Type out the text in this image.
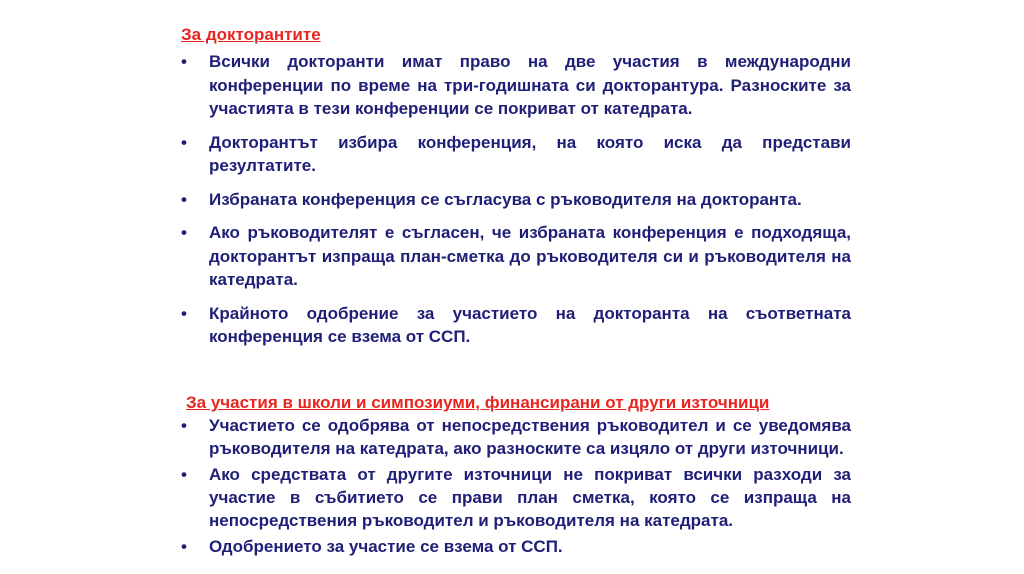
За докторантите
•	Всички докторанти имат право на две участия в международни конференции по време на три-годишната си докторантура. Разноските за участията в тези конференции се покриват от катедрата.
•	Докторантът избира конференция, на която иска да представи резултатите.
•	Избраната конференция се съгласува с ръководителя на докторанта.
•	Ако ръководителят е съгласен, че избраната конференция е подходяща, докторантът изпраща план-сметка до ръководителя си и ръководителя на катедрата.
•	Крайното одобрение за участието на докторанта на съответната конференция се взема от ССП.
За участия в школи и симпозиуми, финансирани от други източници
•	Участието се одобрява от непосредствения ръководител и се уведомява ръководителя на катедрата, ако разноските са изцяло от други източници.
•	Ако средствата от другите източници не покриват всички разходи за участие в събитието се прави план сметка, която се изпраща на непосредствения ръководител и ръководителя на катедрата.
•	Одобрението за участие се взема от ССП.
